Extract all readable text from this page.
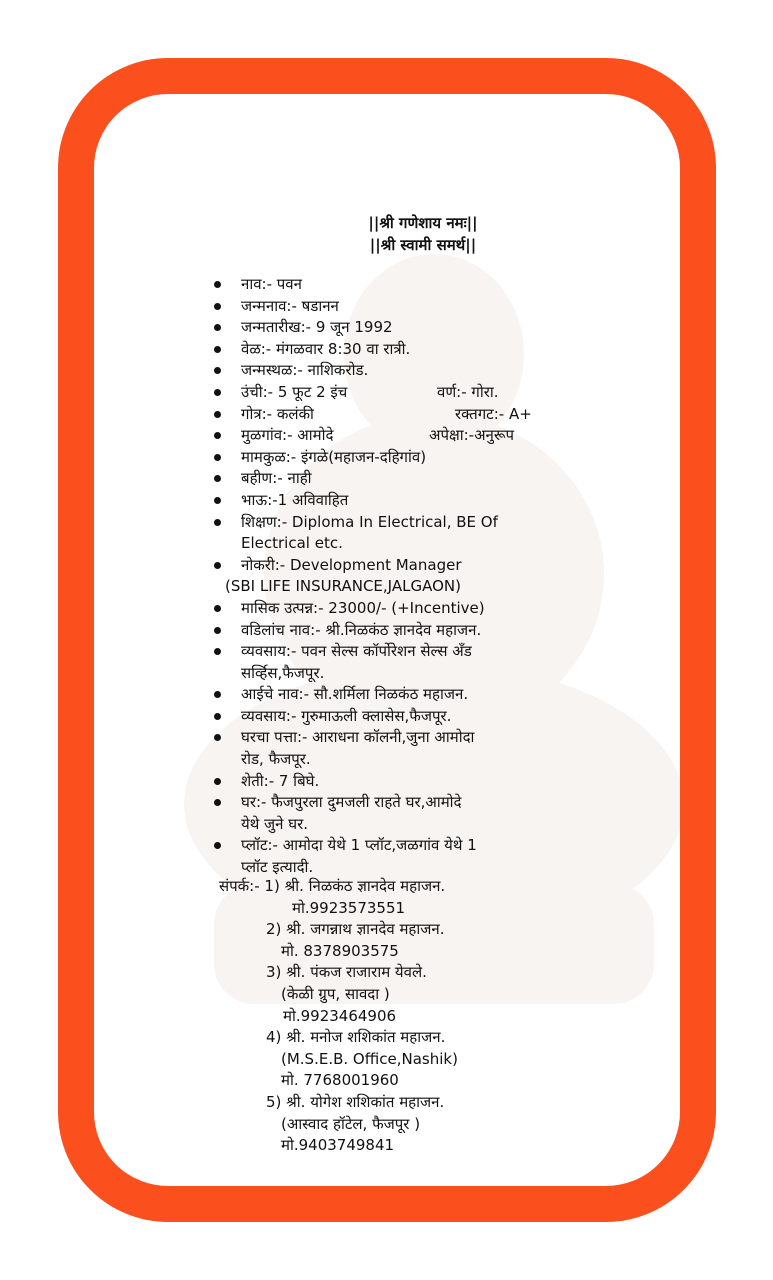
||श्री गणेशाय नमः||
||श्री स्वामी समर्थ||
नाव:- पवन
जन्मनाव:- षडानन
जन्मतारीख:- 9 जून 1992
वेळ:- मंगळवार 8:30 वा रात्री.
जन्मस्थळ:- नाशिकरोड.
उंची:- 5 फूट 2 इंच	वर्ण:- गोरा.
गोत्र:- कलंकी	रक्तगट:- A+
मुळगांव:- आमोदे	अपेक्षा:-अनुरूप
मामकुळ:- इंगळे(महाजन-दहिगांव)
बहीण:- नाही
भाऊ:-1 अविवाहित
शिक्षण:- Diploma In Electrical, BE Of
Electrical etc.
नोकरी:- Development Manager
(SBI LIFE INSURANCE,JALGAON)
मासिक उत्पन्न:- 23000/- (+Incentive)
वडिलांच नाव:- श्री.निळकंठ ज्ञानदेव महाजन.
व्यवसाय:- पवन सेल्स कॉर्पोरेशन सेल्स अँड
सर्व्हिस,फैजपूर.
आईचे नाव:- सौ.शर्मिला निळकंठ महाजन.
व्यवसाय:- गुरुमाऊली क्लासेस,फैजपूर.
घरचा पत्ता:- आराधना कॉलनी,जुना आमोदा
रोड, फैजपूर.
शेती:- 7 बिघे.
घर:- फैजपुरला दुमजली राहते घर,आमोदे
येथे जुने घर.
प्लॉट:- आमोदा येथे 1 प्लॉट,जळगांव येथे 1
प्लॉट इत्यादी.
संपर्क:- 1) श्री. निळकंठ ज्ञानदेव महाजन.
मो.9923573551
2) श्री. जगन्नाथ ज्ञानदेव महाजन.
मो. 8378903575
3) श्री. पंकज राजाराम येवले.
(केळी ग्रुप, सावदा )
मो.9923464906
4) श्री. मनोज शशिकांत महाजन.
(M.S.E.B. Office,Nashik)
मो. 7768001960
5) श्री. योगेश शशिकांत महाजन.
(आस्वाद हॉटेल, फैजपूर )
मो.9403749841
